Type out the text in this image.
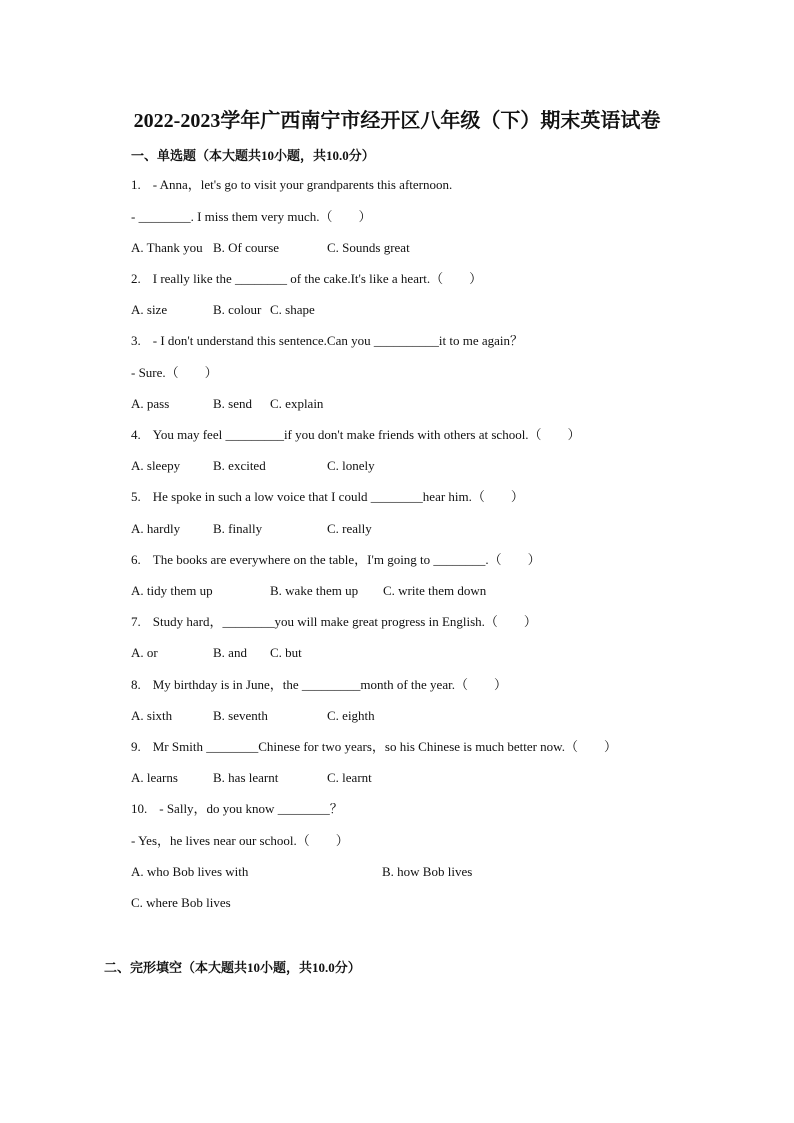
2022-2023学年广西南宁市经开区八年级（下）期末英语试卷
一、单选题（本大题共10小题，共10.0分）
1. - Anna，let's go to visit your grandparents this afternoon.
- ________. I miss them very much.（　　）
A. Thank you B. Of course	C. Sounds great
2. I really like the ________ of the cake.It's like a heart.（　　）
A. size	B. colour C. shape
3. - I don't understand this sentence.Can you __________it to me again？
- Sure.（　　）
A. pass	B. send C. explain
4. You may feel _________if you don't make friends with others at school.（　　）
A. sleepy	B. excited	C. lonely
5. He spoke in such a low voice that I could ________hear him.（　　）
A. hardly	B. finally	C. really
6. The books are everywhere on the table，I'm going to ________.（　　）
A. tidy them up	B. wake them up C. write them down
7. Study hard，________you will make great progress in English.（　　）
A. or	B. and C. but
8. My birthday is in June，the _________month of the year.（　　）
A. sixth	B. seventh	C. eighth
9. Mr Smith ________Chinese for two years，so his Chinese is much better now.（　　）
A. learns	B. has learnt	C. learnt
10. - Sally，do you know ________？
- Yes，he lives near our school.（　　）
A. who Bob lives with	B. how Bob lives
C. where Bob lives
二、完形填空（本大题共10小题，共10.0分）
